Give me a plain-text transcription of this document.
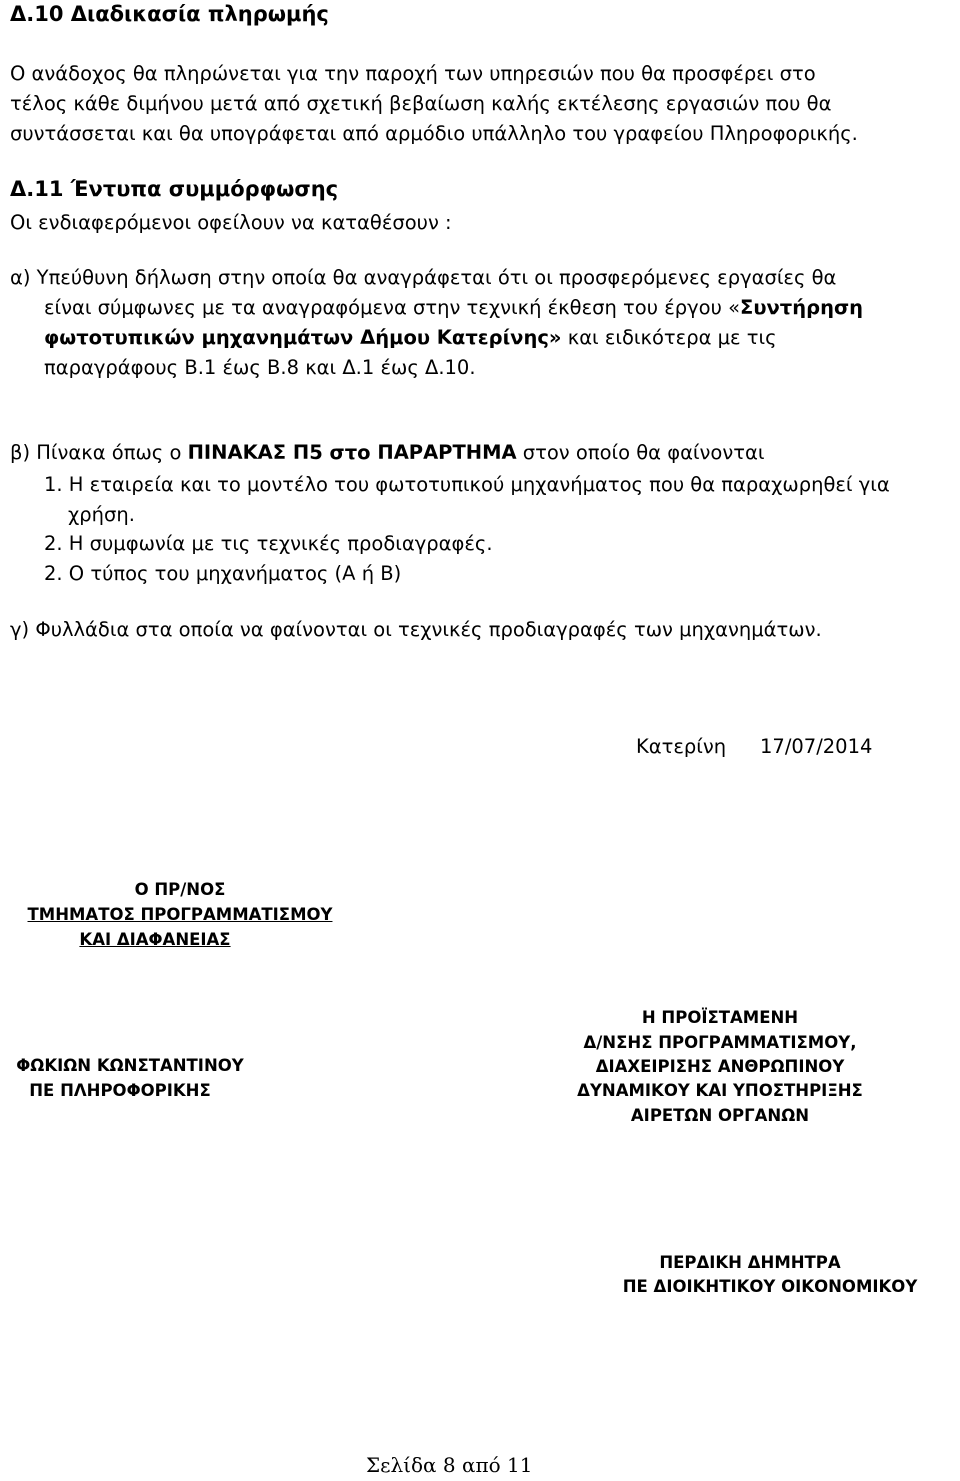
Δ.10 Διαδικασία πληρωμής
Ο ανάδοχος θα πληρώνεται για την παροχή των υπηρεσιών που θα προσφέρει στο
τέλος κάθε διμήνου μετά από σχετική βεβαίωση καλής εκτέλεσης εργασιών που θα
συντάσσεται και θα υπογράφεται από αρμόδιο υπάλληλο του γραφείου Πληροφορικής.
Δ.11 Έντυπα συμμόρφωσης
Οι ενδιαφερόμενοι οφείλουν να καταθέσουν :
α) Υπεύθυνη δήλωση στην οποία θα αναγράφεται ότι οι προσφερόμενες εργασίες θα
είναι σύμφωνες με τα αναγραφόμενα στην τεχνική έκθεση του έργου «Συντήρηση
φωτοτυπικών μηχανημάτων Δήμου Κατερίνης» και ειδικότερα με τις
παραγράφους Β.1 έως Β.8 και Δ.1 έως Δ.10.
β) Πίνακα όπως ο ΠΙΝΑΚΑΣ Π5 στο ΠΑΡΑΡΤΗΜΑ στον οποίο θα φαίνονται
1. Η εταιρεία και το μοντέλο του φωτοτυπικού μηχανήματος που θα παραχωρηθεί για
χρήση.
2. Η συμφωνία με τις τεχνικές προδιαγραφές.
2. Ο τύπος του μηχανήματος (Α ή Β)
γ) Φυλλάδια στα οποία να φαίνονται οι τεχνικές προδιαγραφές των μηχανημάτων.
Κατερίνη 17/07/2014
Ο ΠΡ/ΝΟΣ
ΤΜΗΜΑΤΟΣ ΠΡΟΓΡΑΜΜΑΤΙΣΜΟΥ
ΚΑΙ ΔΙΑΦΑΝΕΙΑΣ
ΦΩΚΙΩΝ ΚΩΝΣΤΑΝΤΙΝΟΥ
ΠΕ ΠΛΗΡΟΦΟΡΙΚΗΣ
Η ΠΡΟΪΣΤΑΜΕΝΗ
Δ/ΝΣΗΣ ΠΡΟΓΡΑΜΜΑΤΙΣΜΟΥ,
ΔΙΑΧΕΙΡΙΣΗΣ ΑΝΘΡΩΠΙΝΟΥ
ΔΥΝΑΜΙΚΟΥ ΚΑΙ ΥΠΟΣΤΗΡΙΞΗΣ
ΑΙΡΕΤΩΝ ΟΡΓΑΝΩΝ
ΠΕΡΔΙΚΗ ΔΗΜΗΤΡΑ
ΠΕ ΔΙΟΙΚΗΤΙΚΟΥ ΟΙΚΟΝΟΜΙΚΟΥ
Σελίδα 8 από 11
